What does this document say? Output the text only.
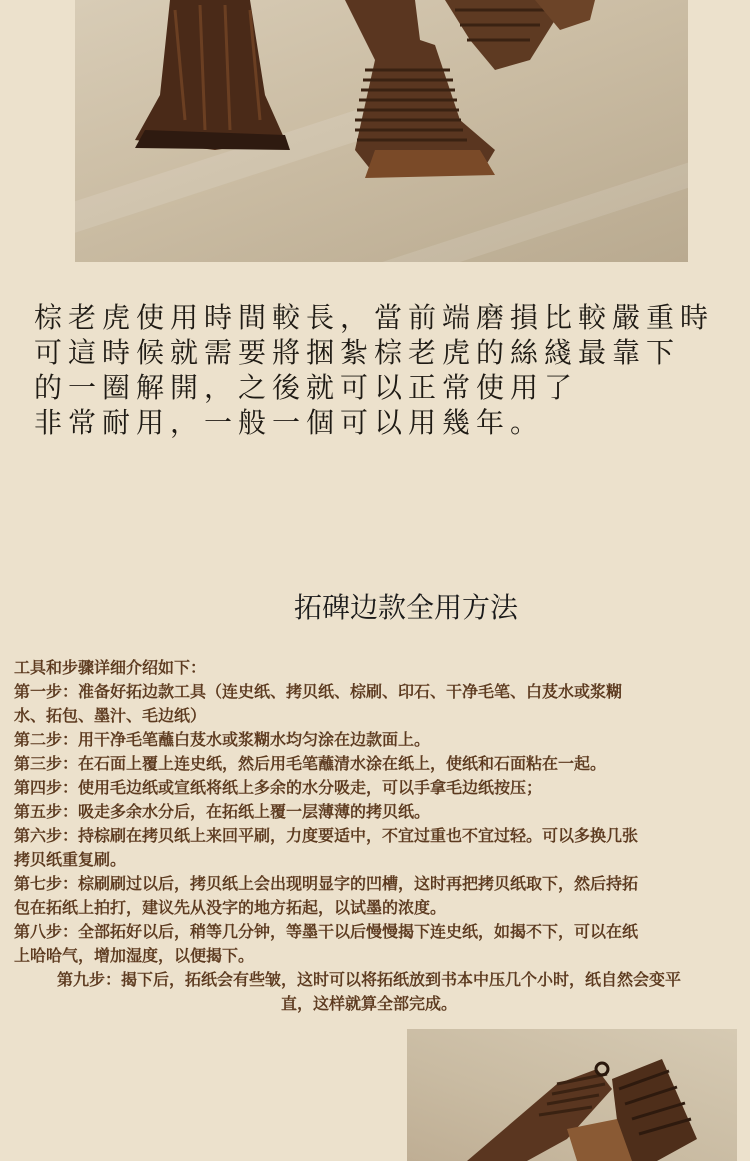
棕老虎使用時間較長，當前端磨損比較嚴重時
可這時候就需要將捆紮棕老虎的絲綫最靠下
的一圈解開，之後就可以正常使用了
非常耐用，一般一個可以用幾年。
拓碑边款全用方法

工具和步骤详细介绍如下：

第一步：准备好拓边款工具（连史纸、拷贝纸、棕刷、印石、干净毛笔、白芨水或浆糊

水、拓包、墨汁、毛边纸）

第二步：用干净毛笔蘸白芨水或浆糊水均匀涂在边款面上。

第三步：在石面上覆上连史纸，然后用毛笔蘸清水涂在纸上，使纸和石面粘在一起。

第四步：使用毛边纸或宣纸将纸上多余的水分吸走，可以手拿毛边纸按压；

第五步：吸走多余水分后，在拓纸上覆一层薄薄的拷贝纸。

第六步：持棕刷在拷贝纸上来回平刷，力度要适中，不宜过重也不宜过轻。可以多换几张

拷贝纸重复刷。

第七步：棕刷刷过以后，拷贝纸上会出现明显字的凹槽，这时再把拷贝纸取下，然后持拓

包在拓纸上拍打，建议先从没字的地方拓起，以试墨的浓度。

第八步：全部拓好以后，稍等几分钟，等墨干以后慢慢揭下连史纸，如揭不下，可以在纸

上哈哈气，增加湿度，以便揭下。

第九步：揭下后，拓纸会有些皱，这时可以将拓纸放到书本中压几个小时，纸自然会变平

直，这样就算全部完成。
